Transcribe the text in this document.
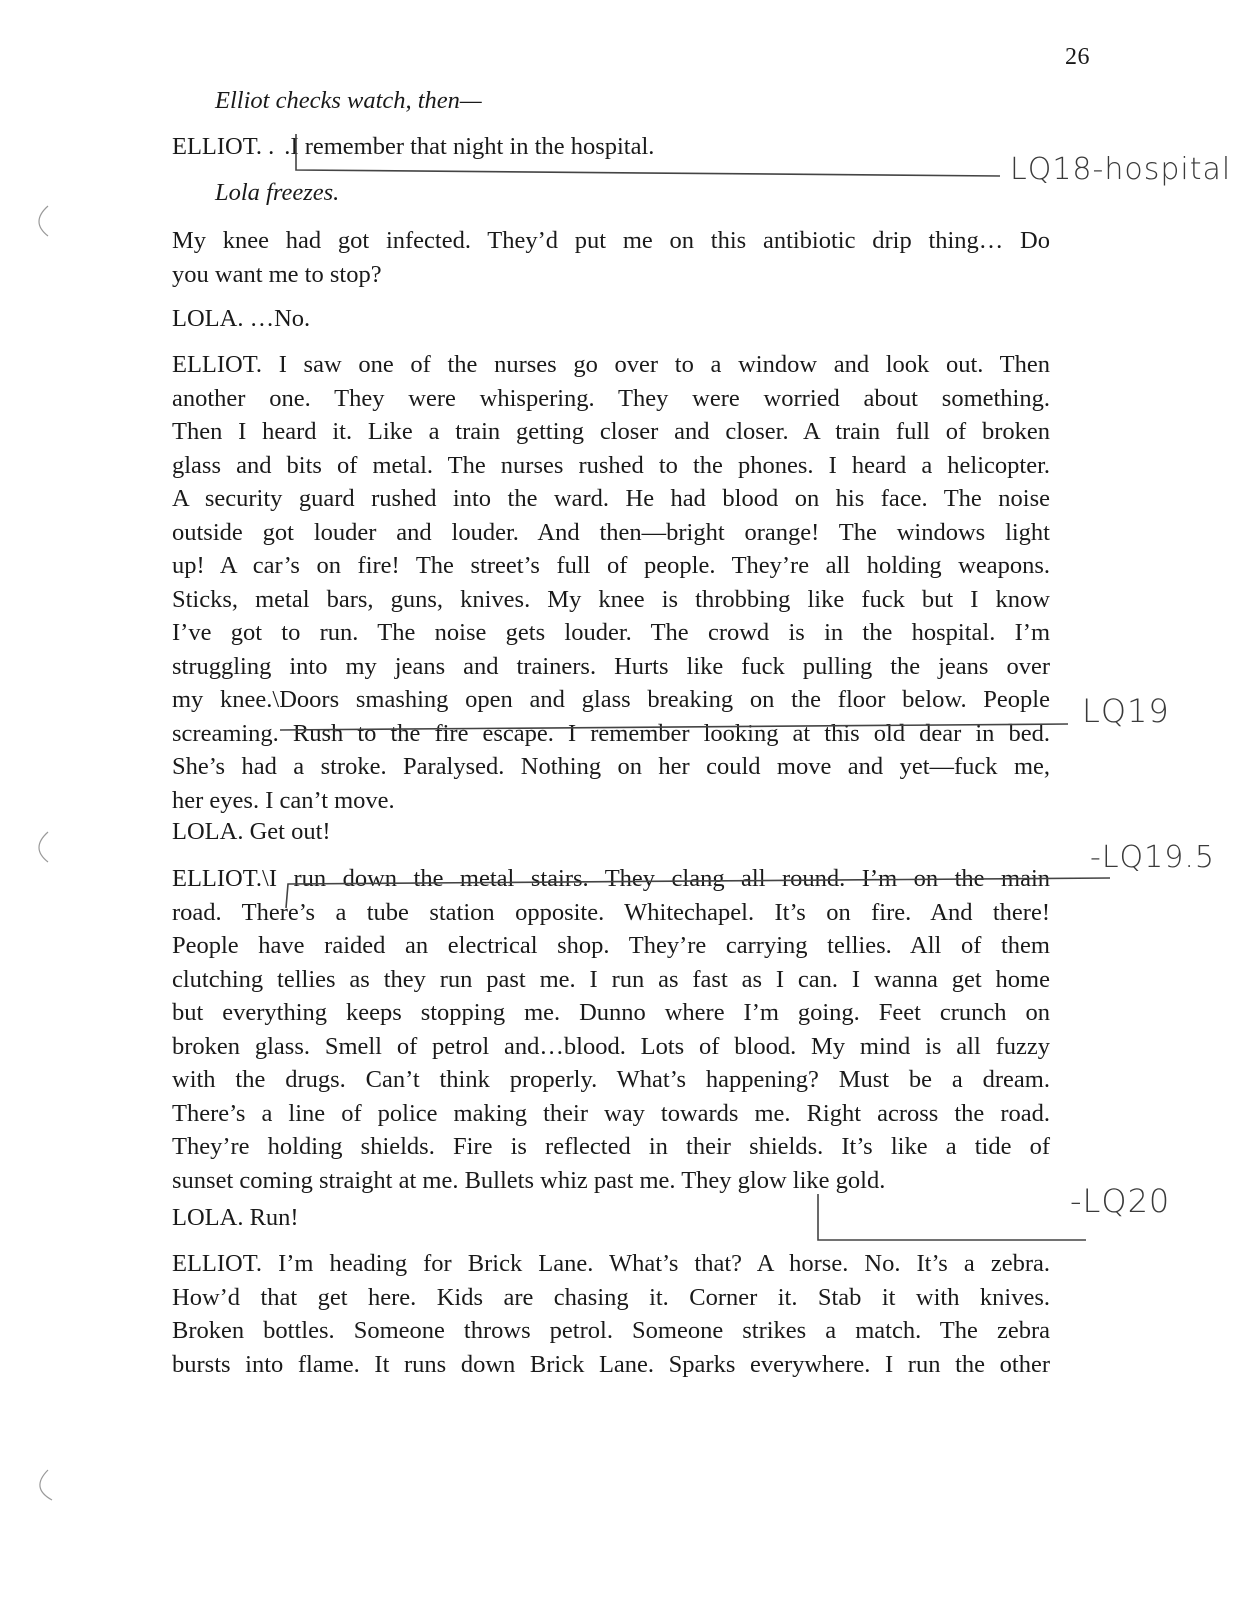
26
Elliot checks watch, then—
ELLIOT. . .I remember that night in the hospital.
Lola freezes.
My knee had got infected. They’d put me on this antibiotic drip thing… Do
you want me to stop?
LOLA. …No.
ELLIOT. I saw one of the nurses go over to a window and look out. Then
another one. They were whispering. They were worried about something.
Then I heard it. Like a train getting closer and closer. A train full of broken
glass and bits of metal. The nurses rushed to the phones. I heard a helicopter.
A security guard rushed into the ward. He had blood on his face. The noise
outside got louder and louder. And then—bright orange! The windows light
up! A car’s on fire! The street’s full of people. They’re all holding weapons.
Sticks, metal bars, guns, knives. My knee is throbbing like fuck but I know
I’ve got to run. The noise gets louder. The crowd is in the hospital. I’m
struggling into my jeans and trainers. Hurts like fuck pulling the jeans over
my knee.\Doors smashing open and glass breaking on the floor below. People
screaming. Rush to the fire escape. I remember looking at this old dear in bed.
She’s had a stroke. Paralysed. Nothing on her could move and yet—fuck me,
her eyes. I can’t move.
LOLA. Get out!
ELLIOT.\I run down the metal stairs. They clang all round. I’m on the main
road. There’s a tube station opposite. Whitechapel. It’s on fire. And there!
People have raided an electrical shop. They’re carrying tellies. All of them
clutching tellies as they run past me. I run as fast as I can. I wanna get home
but everything keeps stopping me. Dunno where I’m going. Feet crunch on
broken glass. Smell of petrol and…blood. Lots of blood. My mind is all fuzzy
with the drugs. Can’t think properly. What’s happening? Must be a dream.
There’s a line of police making their way towards me. Right across the road.
They’re holding shields. Fire is reflected in their shields. It’s like a tide of
sunset coming straight at me. Bullets whiz past me. They glow like gold.
LOLA. Run!
ELLIOT. I’m heading for Brick Lane. What’s that? A horse. No. It’s a zebra.
How’d that get here. Kids are chasing it. Corner it. Stab it with knives.
Broken bottles. Someone throws petrol. Someone strikes a match. The zebra
bursts into flame. It runs down Brick Lane. Sparks everywhere. I run the other
LQ18-hospital
LQ19
-LQ19.5
-LQ20
